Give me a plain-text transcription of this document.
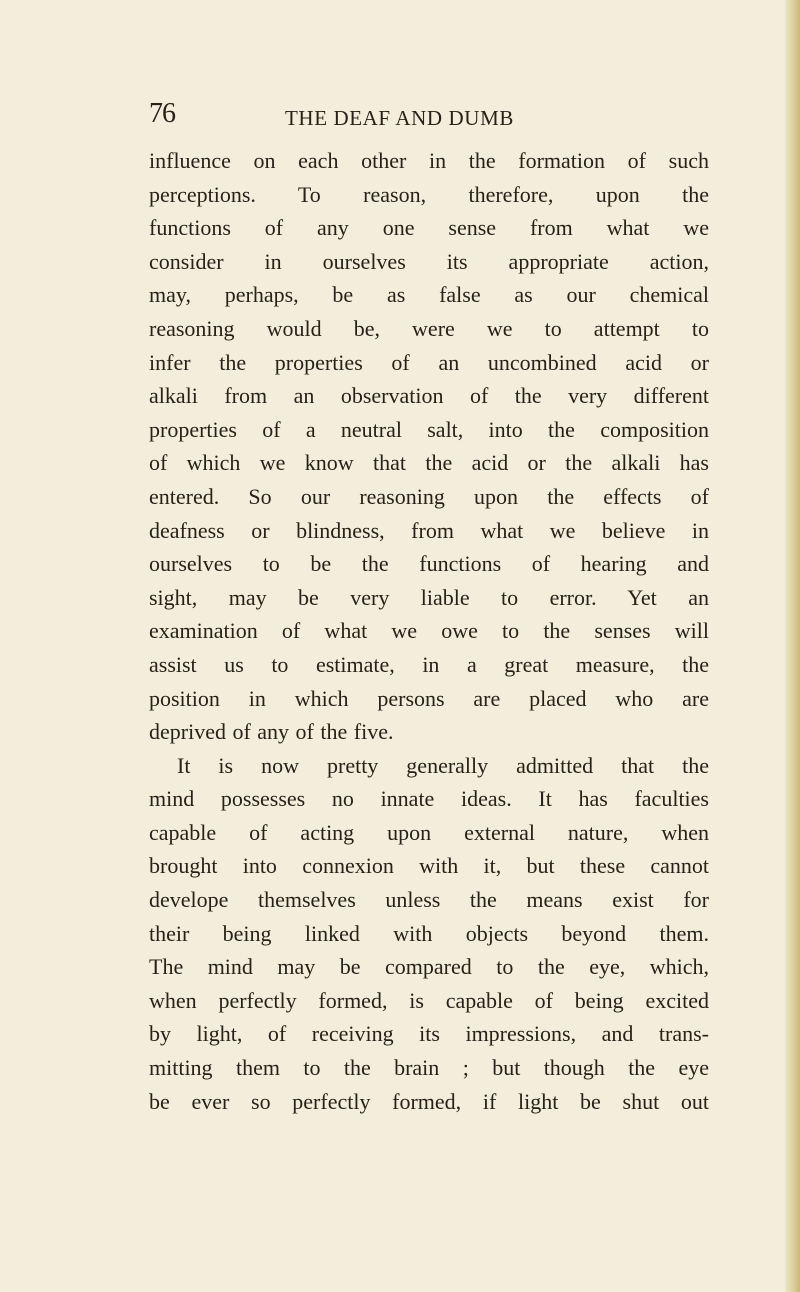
76	THE DEAF AND DUMB
influence on each other in the formation of such
perceptions. To reason, therefore, upon the
functions of any one sense from what we
consider in ourselves its appropriate action,
may, perhaps, be as false as our chemical
reasoning would be, were we to attempt to
infer the properties of an uncombined acid or
alkali from an observation of the very different
properties of a neutral salt, into the composition
of which we know that the acid or the alkali has
entered. So our reasoning upon the effects of
deafness or blindness, from what we believe in
ourselves to be the functions of hearing and
sight, may be very liable to error. Yet an
examination of what we owe to the senses will
assist us to estimate, in a great measure, the
position in which persons are placed who are
deprived of any of the five.
It is now pretty generally admitted that the
mind possesses no innate ideas. It has faculties
capable of acting upon external nature, when
brought into connexion with it, but these cannot
develope themselves unless the means exist for
their being linked with objects beyond them.
The mind may be compared to the eye, which,
when perfectly formed, is capable of being excited
by light, of receiving its impressions, and trans-
mitting them to the brain ; but though the eye
be ever so perfectly formed, if light be shut out
